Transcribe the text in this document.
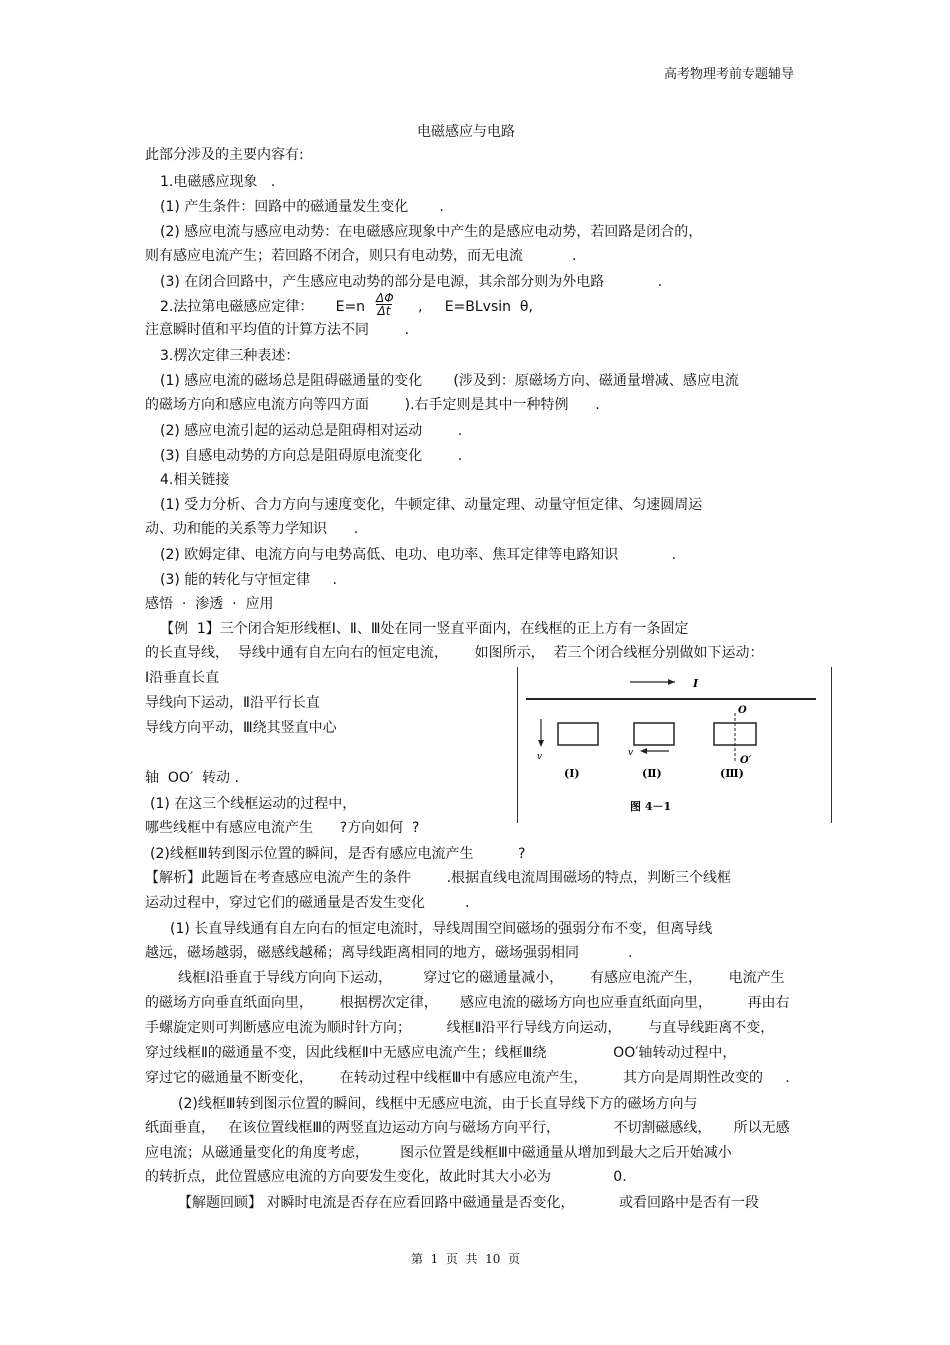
高考物理考前专题辅导
电磁感应与电路
此部分涉及的主要内容有:
1.电磁感应现象   .
(1) 产生条件：回路中的磁通量发生变化       .
(2) 感应电流与感应电动势：在电磁感应现象中产生的是感应电动势，若回路是闭合的，
则有感应电流产生；若回路不闭合，则只有电动势，而无电流           .
(3) 在闭合回路中，产生感应电动势的部分是电源，其余部分则为外电路            .
2.法拉第电磁感应定律：     $E=n \frac{\Delta\Phi}{\Delta t}$ ,     E=BLvsin  θ,
注意瞬时值和平均值的计算方法不同        .
3.楞次定律三种表述：
(1) 感应电流的磁场总是阻碍磁通量的变化       (涉及到：原磁场方向、磁通量增减、感应电流
的磁场方向和感应电流方向等四方面        ).右手定则是其中一种特例      .
(2) 感应电流引起的运动总是阻碍相对运动        .
(3) 自感电动势的方向总是阻碍原电流变化        .
4.相关链接
(1) 受力分析、合力方向与速度变化，牛顿定律、动量定理、动量守恒定律、匀速圆周运
动、功和能的关系等力学知识      .
(2) 欧姆定律、电流方向与电势高低、电功、电功率、焦耳定律等电路知识            .
(3) 能的转化与守恒定律     .
感悟  ·  渗透  ·  应用
【例  1】三个闭合矩形线框Ⅰ、Ⅱ、Ⅲ处在同一竖直平面内，在线框的正上方有一条固定
的长直导线，  导线中通有自左向右的恒定电流，      如图所示，  若三个闭合线框分别做如下运动：
Ⅰ沿垂直长直
导线向下运动，Ⅱ沿平行长直
导线方向平动，Ⅲ绕其竖直中心
轴  OO′  转动 .
(1) 在这三个线框运动的过程中，
哪些线框中有感应电流产生      ?方向如何  ?
(2)线框Ⅲ转到图示位置的瞬间，是否有感应电流产生          ?
【解析】此题旨在考查感应电流产生的条件        .根据直线电流周围磁场的特点，判断三个线框
运动过程中，穿过它们的磁通量是否发生变化         .
(1) 长直导线通有自左向右的恒定电流时，导线周围空间磁场的强弱分布不变，但离导线
越远，磁场越弱，磁感线越稀；离导线距离相同的地方，磁场强弱相同           .
线框Ⅰ沿垂直于导线方向向下运动，       穿过它的磁通量减小，      有感应电流产生，      电流产生
的磁场方向垂直纸面向里，      根据楞次定律，     感应电流的磁场方向也应垂直纸面向里，        再由右
手螺旋定则可判断感应电流为顺时针方向；        线框Ⅱ沿平行导线方向运动，      与直导线距离不变，
穿过线框Ⅱ的磁通量不变，因此线框Ⅱ中无感应电流产生；线框Ⅲ绕               OO′轴转动过程中，
穿过它的磁通量不断变化，      在转动过程中线框Ⅲ中有感应电流产生，        其方向是周期性改变的     .
(2)线框Ⅲ转到图示位置的瞬间，线框中无感应电流，由于长直导线下方的磁场方向与
纸面垂直，   在该位置线框Ⅲ的两竖直边运动方向与磁场方向平行，            不切割磁感线，     所以无感
应电流；从磁通量变化的角度考虑，       图示位置是线框Ⅲ中磁通量从增加到最大之后开始减小
的转折点，此位置感应电流的方向要发生变化，故此时其大小必为              0.
【解题回顾】 对瞬时电流是否存在应看回路中磁通量是否变化，          或看回路中是否有一段
I
v	v
O
O′
(Ⅰ)	(Ⅱ)	(Ⅲ)
图 4－1
第  1  页  共  10  页
